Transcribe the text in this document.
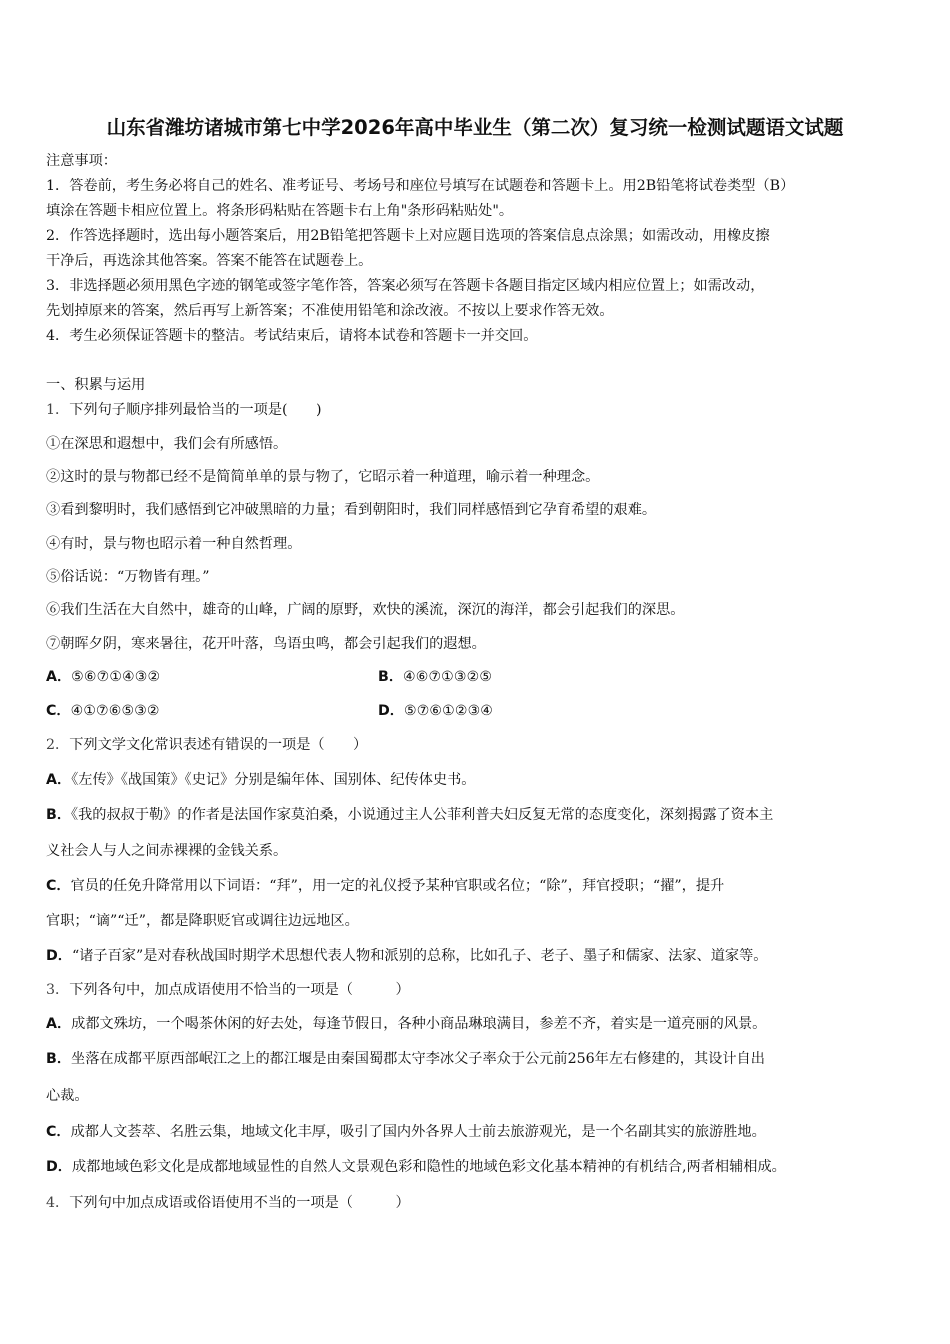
山东省潍坊诸城市第七中学2026年高中毕业生（第二次）复习统一检测试题语文试题
注意事项：
1．答卷前，考生务必将自己的姓名、准考证号、考场号和座位号填写在试题卷和答题卡上。用2B铅笔将试卷类型（B）
填涂在答题卡相应位置上。将条形码粘贴在答题卡右上角"条形码粘贴处"。
2．作答选择题时，选出每小题答案后，用2B铅笔把答题卡上对应题目选项的答案信息点涂黑；如需改动，用橡皮擦
干净后，再选涂其他答案。答案不能答在试题卷上。
3．非选择题必须用黑色字迹的钢笔或签字笔作答，答案必须写在答题卡各题目指定区域内相应位置上；如需改动，
先划掉原来的答案，然后再写上新答案；不准使用铅笔和涂改液。不按以上要求作答无效。
4．考生必须保证答题卡的整洁。考试结束后，请将本试卷和答题卡一并交回。
一、积累与运用
1．下列句子顺序排列最恰当的一项是(　　)
①在深思和遐想中，我们会有所感悟。
②这时的景与物都已经不是简简单单的景与物了，它昭示着一种道理，喻示着一种理念。
③看到黎明时，我们感悟到它冲破黑暗的力量；看到朝阳时，我们同样感悟到它孕育希望的艰难。
④有时，景与物也昭示着一种自然哲理。
⑤俗话说：“万物皆有理。”
⑥我们生活在大自然中，雄奇的山峰，广阔的原野，欢快的溪流，深沉的海洋，都会引起我们的深思。
⑦朝晖夕阴，寒来暑往，花开叶落，鸟语虫鸣，都会引起我们的遐想。
A．⑤⑥⑦①④③②	B．④⑥⑦①③②⑤
C．④①⑦⑥⑤③②	D．⑤⑦⑥①②③④
2．下列文学文化常识表述有错误的一项是（　　）
A．《左传》《战国策》《史记》分别是编年体、国别体、纪传体史书。
B．《我的叔叔于勒》的作者是法国作家莫泊桑，小说通过主人公菲利普夫妇反复无常的态度变化，深刻揭露了资本主
义社会人与人之间赤裸裸的金钱关系。
C．官员的任免升降常用以下词语：“拜”，用一定的礼仪授予某种官职或名位；“除”，拜官授职；“擢”，提升
官职；“谪”“迁”，都是降职贬官或调往边远地区。
D．“诸子百家”是对春秋战国时期学术思想代表人物和派别的总称，比如孔子、老子、墨子和儒家、法家、道家等。
3．下列各句中，加点成语使用不恰当的一项是（　　　）
A．成都文殊坊，一个喝茶休闲的好去处，每逢节假日，各种小商品琳琅满目，参差不齐，着实是一道亮丽的风景。
B．坐落在成都平原西部岷江之上的都江堰是由秦国蜀郡太守李冰父子率众于公元前256年左右修建的，其设计自出
心裁。
C．成都人文荟萃、名胜云集，地域文化丰厚，吸引了国内外各界人士前去旅游观光，是一个名副其实的旅游胜地。
D．成都地域色彩文化是成都地域显性的自然人文景观色彩和隐性的地域色彩文化基本精神的有机结合,两者相辅相成。
4．下列句中加点成语或俗语使用不当的一项是（　　　）
